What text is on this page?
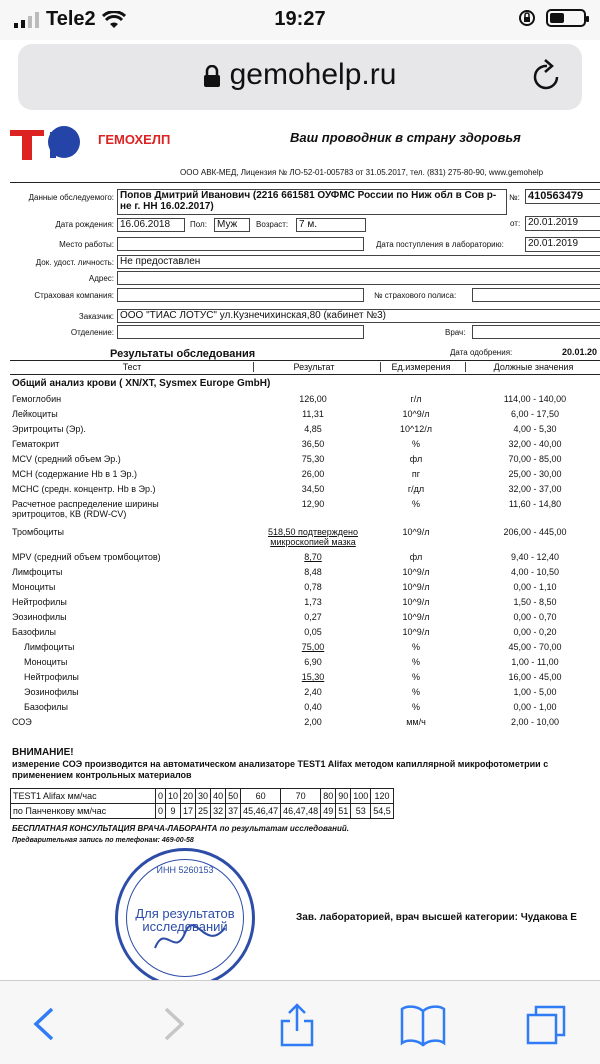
Tele2	19:27
gemohelp.ru
ГЕМОХЕЛП	Ваш проводник в страну здоровья
ООО АВК-МЕД, Лицензия № ЛО-52-01-005783 от 31.05.2017, тел. (831) 275-80-90, www.gemohelp
Данные обследуемого: Попов Дмитрий Иванович (2216 661581 ОУФМС России по Ниж обл в Сов р-не г. НН 16.02.2017)
№: 410563479
от: 20.01.2019
Дата рождения: 16.06.2018	Пол:	Муж	Возраст:	7 м.
Место работы:	Дата поступления в лабораторию:	20.01.2019
Док. удост. личность: Не предоставлен
Адрес:
Страховая компания:	№ страхового полиса:
Заказчик: ООО "ТИАС ЛОТУС" ул.Кузнечихинская,80 (кабинет №3)
Отделение:	Врач:
Результаты обследования	Дата одобрения:	20.01.20
Тест	Результат	Ед.измерения	Должные значения
Общий анализ крови ( XN/XT, Sysmex Europe GmbH)
Гемоглобин	126,00	г/л	114,00 - 140,00
Лейкоциты	11,31	10^9/л	6,00 - 17,50
Эритроциты (Эр).	4,85	10^12/л	4,00 - 5,30
Гематокрит	36,50	%	32,00 - 40,00
MCV (средний объем Эр.)	75,30	фл	70,00 - 85,00
MCH (содержание Hb в 1 Эр.)	26,00	пг	25,00 - 30,00
MCHC (средн. концентр. Hb в Эр.)	34,50	г/дл	32,00 - 37,00
Расчетное распределение ширины эритроцитов, КВ (RDW-CV)
12,90	%	11,60 - 14,80
Тромбоциты	518,50 подтверждено микроскопией мазка
10^9/л	206,00 - 445,00
MPV (средний объем тромбоцитов)	8,70	фл	9,40 - 12,40
Лимфоциты	8,48	10^9/л	4,00 - 10,50
Моноциты	0,78	10^9/л	0,00 - 1,10
Нейтрофилы	1,73	10^9/л	1,50 - 8,50
Эозинофилы	0,27	10^9/л	0,00 - 0,70
Базофилы	0,05	10^9/л	0,00 - 0,20
Лимфоциты	75,00	%	45,00 - 70,00
Моноциты	6,90	%	1,00 - 11,00
Нейтрофилы	15,30	%	16,00 - 45,00
Эозинофилы	2,40	%	1,00 - 5,00
Базофилы	0,40	%	0,00 - 1,00
СОЭ	2,00	мм/ч	2,00 - 10,00
ВНИМАНИЕ!
измерение СОЭ производится на автоматическом анализаторе TEST1 Alifax методом капиллярной микрофотометрии с применением контрольных материалов
TEST1 Alifax мм/час	0	10	20	30	40	50	60	70	80	90	100	120
по Панченкову мм/час	0	9	17	25	32	37	45,46,47	46,47,48	49	51	53	54,5
БЕСПЛАТНАЯ КОНСУЛЬТАЦИЯ ВРАЧА-ЛАБОРАНТА по результатам исследований.
Предварительная запись по телефонам: 469-00-58
ИНН 5260153
Для результатов исследований
Зав. лабораторией, врач высшей категории: Чудакова Е
